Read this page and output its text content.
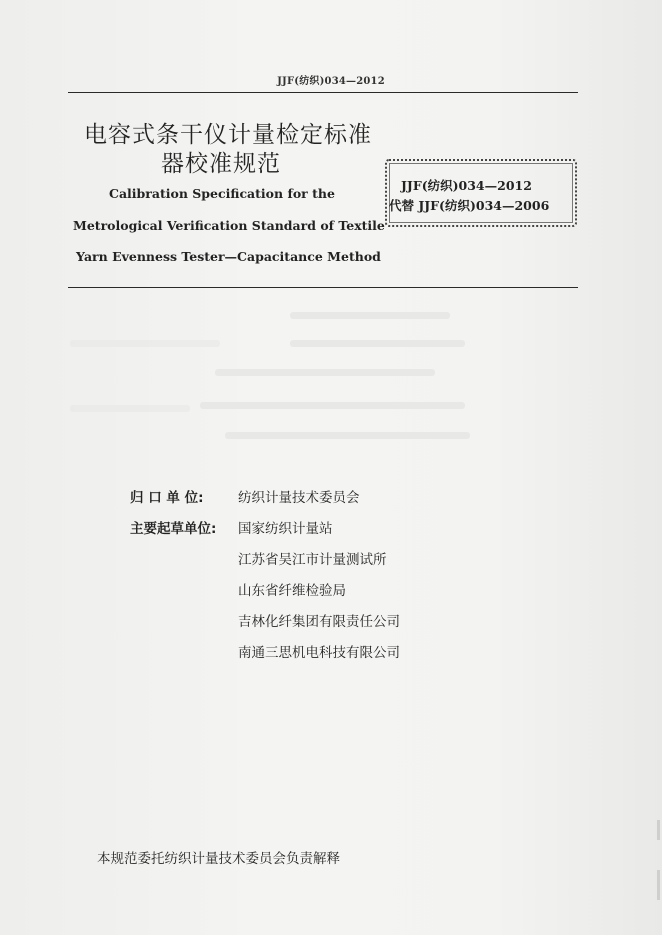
JJF(纺织)034—2012
电容式条干仪计量检定标准
器校准规范
Calibration Specification for the
Metrological Verification Standard of Textile
Yarn Evenness Tester—Capacitance Method
JJF(纺织)034—2012
代替 JJF(纺织)034—2006
归 口 单 位:	纺织计量技术委员会
主要起草单位: 国家纺织计量站
江苏省吴江市计量测试所
山东省纤维检验局
吉林化纤集团有限责任公司
南通三思机电科技有限公司
本规范委托纺织计量技术委员会负责解释
